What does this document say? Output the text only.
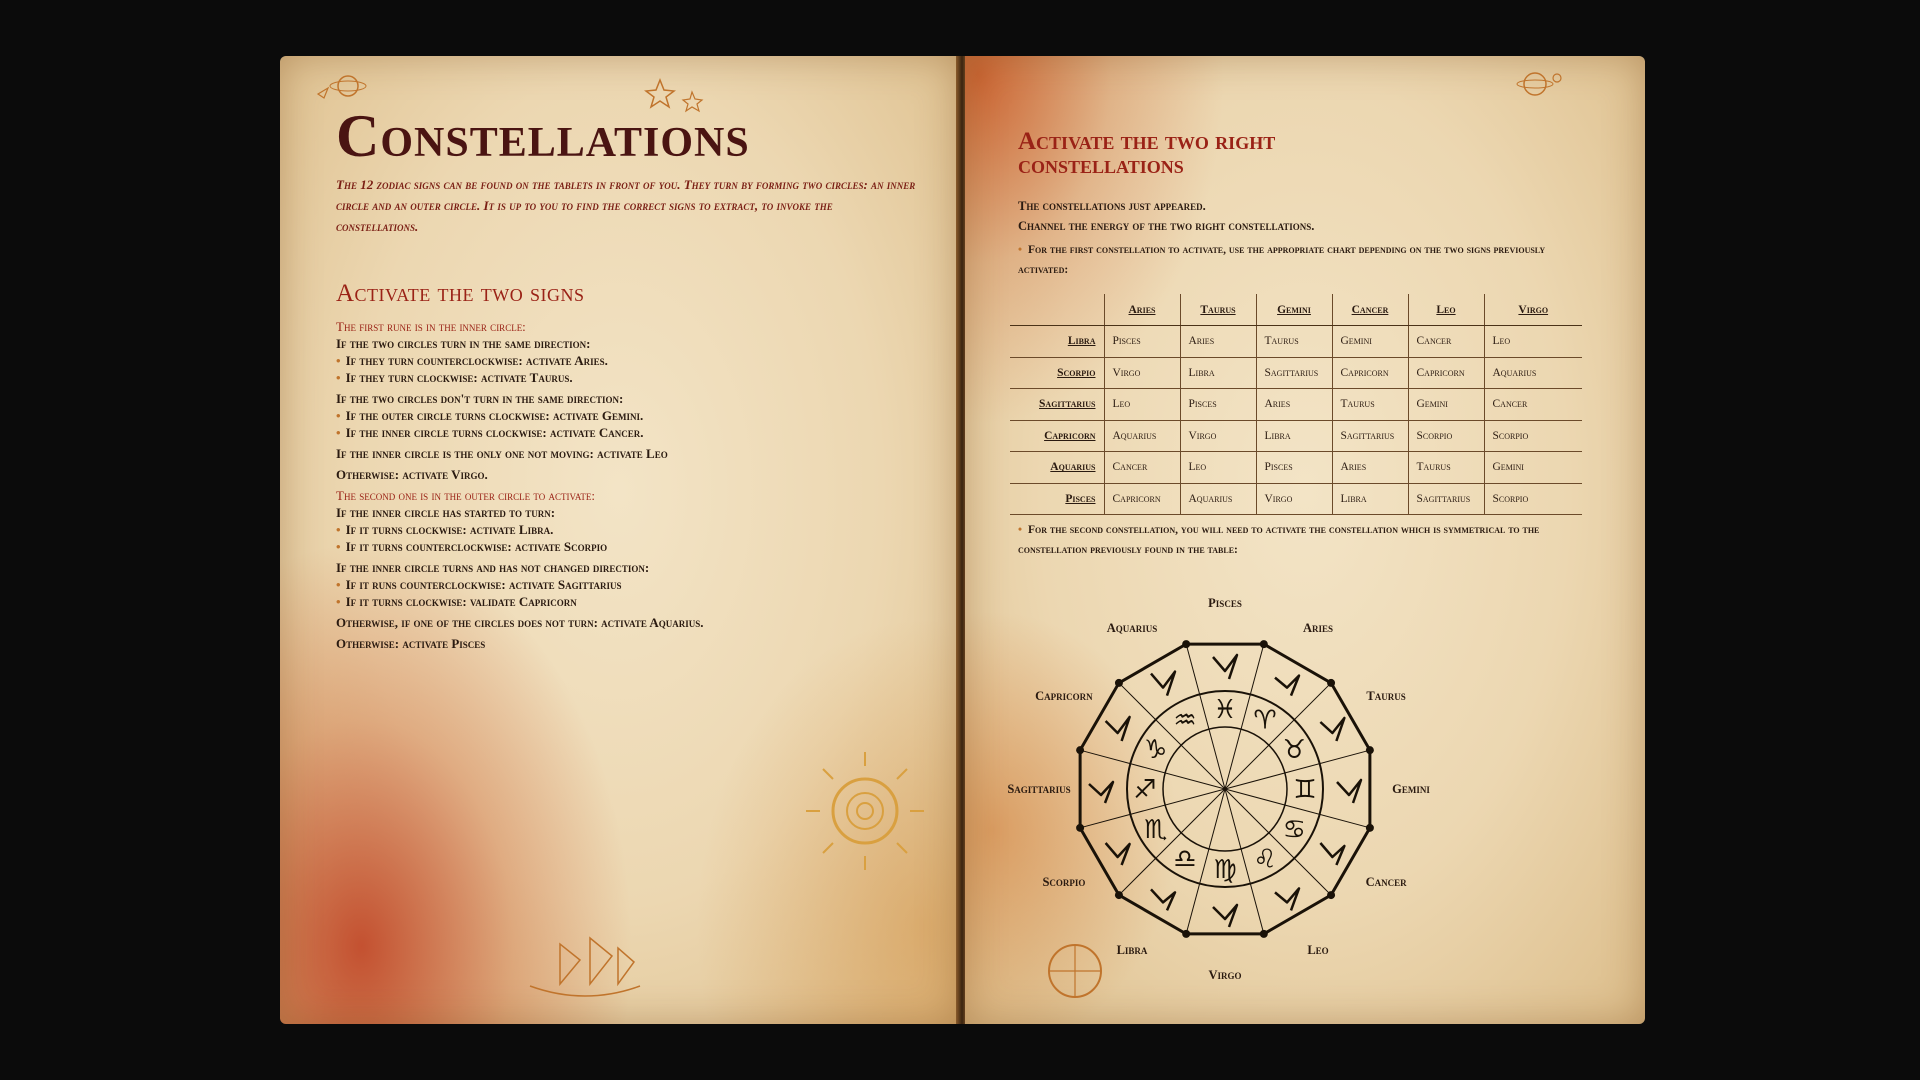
Constellations
The 12 zodiac signs can be found on the tablets in front of you. They turn by forming two circles: an inner circle and an outer circle. It is up to you to find the correct signs to extract, to invoke the constellations.
Activate the two signs
The first rune is in the inner circle:
If the two circles turn in the same direction:
• If they turn counterclockwise: activate Aries.
• If they turn clockwise: activate Taurus.
If the two circles don't turn in the same direction:
• If the outer circle turns clockwise: activate Gemini.
• If the inner circle turns clockwise: activate Cancer.
If the inner circle is the only one not moving: activate Leo
Otherwise: activate Virgo.
The second one is in the outer circle to activate:
If the inner circle has started to turn:
• If it turns clockwise: activate Libra.
• If it turns counterclockwise: activate Scorpio
If the inner circle turns and has not changed direction:
• If it runs counterclockwise: activate Sagittarius
• If it turns clockwise: validate Capricorn
Otherwise, if one of the circles does not turn: activate Aquarius.
Otherwise: activate Pisces
Activate the two right constellations
The constellations just appeared.
Channel the energy of the two right constellations.
• For the first constellation to activate, use the appropriate chart depending on the two signs previously activated:
	Aries	Taurus	Gemini	Cancer	Leo	Virgo
Libra	Pisces	Aries	Taurus	Gemini	Cancer	Leo
Scorpio	Virgo	Libra	Sagittarius	Capricorn	Capricorn	Aquarius
Sagittarius	Leo	Pisces	Aries	Taurus	Gemini	Cancer
Capricorn	Aquarius	Virgo	Libra	Sagittarius	Scorpio	Scorpio
Aquarius	Cancer	Leo	Pisces	Aries	Taurus	Gemini
Pisces	Capricorn	Aquarius	Virgo	Libra	Sagittarius	Scorpio
• For the second constellation, you will need to activate the constellation which is symmetrical to the constellation previously found in the table:
♓ ♈
♉
♊
♋
♌
♍
♎
♏
♐
♑
♒
Pisces
Aries
Taurus
Gemini
Cancer
Leo
Virgo
Libra
Scorpio
Sagittarius
Capricorn
Aquarius
